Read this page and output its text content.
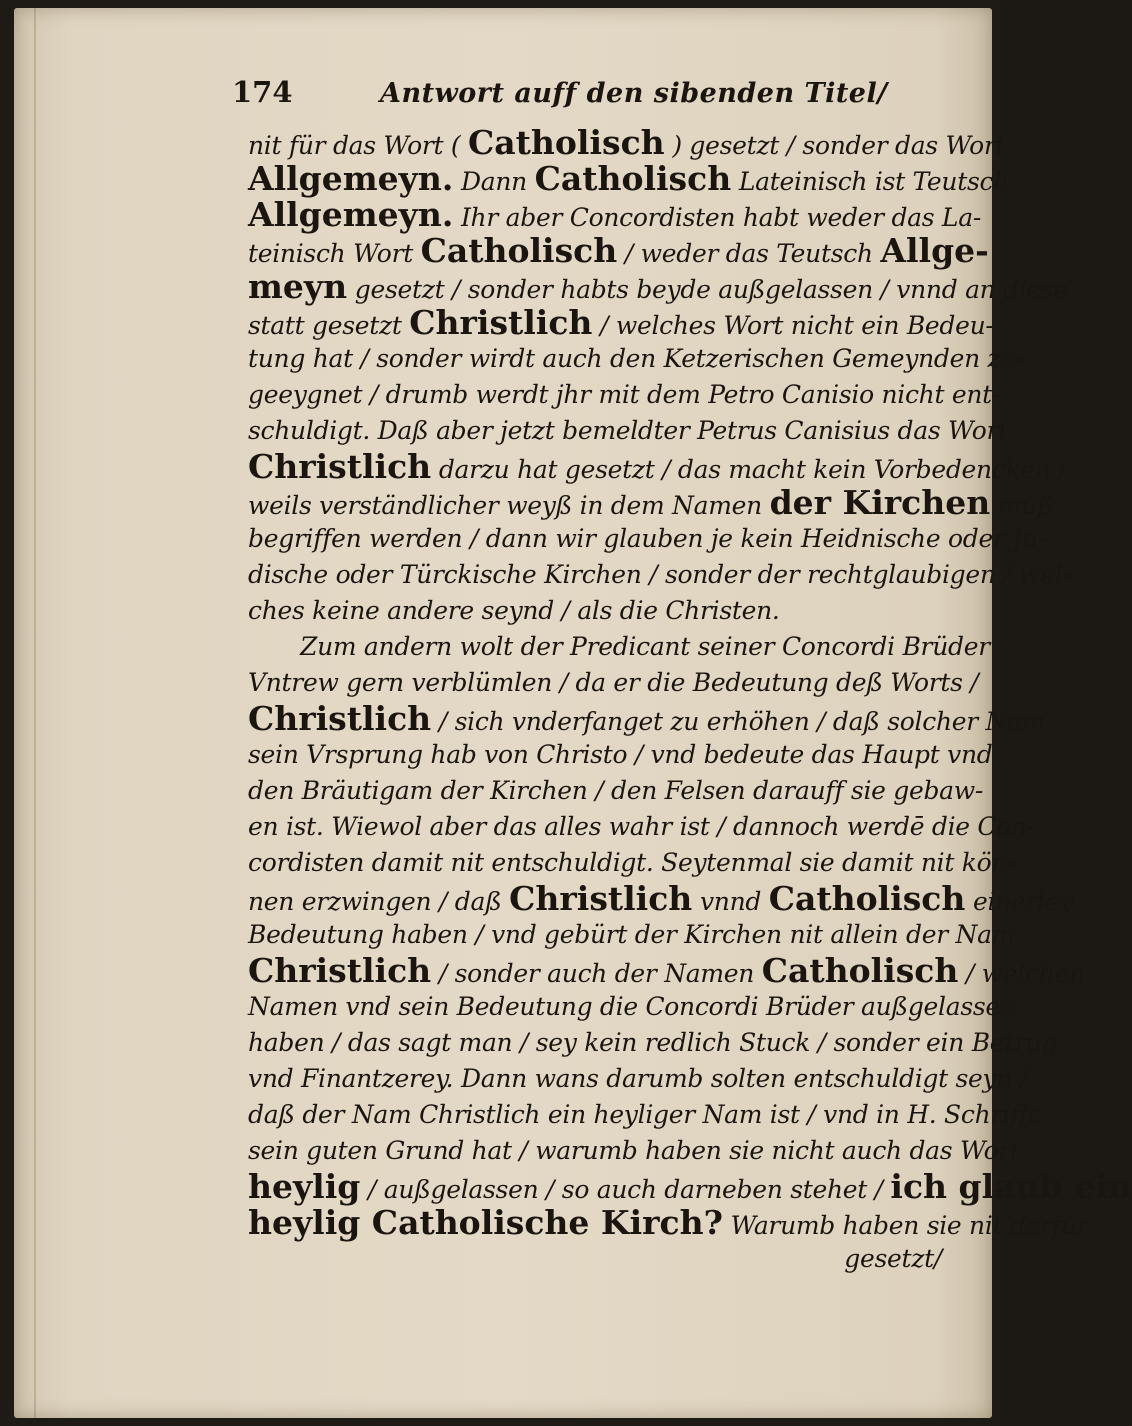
174	Antwort auff den sibenden Titel/
nit für das Wort ( Catholisch ) gesetzt / sonder das Wort
Allgemeyn. Dann Catholisch Lateinisch ist Teutsch
Allgemeyn. Ihr aber Concordisten habt weder das La-
teinisch Wort Catholisch / weder das Teutsch Allge-
meyn gesetzt / sonder habts beyde außgelassen / vnnd an diese
statt gesetzt Christlich / welches Wort nicht ein Bedeu-
tung hat / sonder wirdt auch den Ketzerischen Gemeynden zu-
geeygnet / drumb werdt jhr mit dem Petro Canisio nicht ent-
schuldigt. Daß aber jetzt bemeldter Petrus Canisius das Wort
Christlich darzu hat gesetzt / das macht kein Vorbedencken /
weils verständlicher weyß in dem Namen der Kirchen muß
begriffen werden / dann wir glauben je kein Heidnische oder Ju-
dische oder Türckische Kirchen / sonder der rechtglaubigen / wel-
ches keine andere seynd / als die Christen.
Zum andern wolt der Predicant seiner Concordi Brüder
Vntrew gern verblümlen / da er die Bedeutung deß Worts /
Christlich / sich vnderfanget zu erhöhen / daß solcher Nam
sein Vrsprung hab von Christo / vnd bedeute das Haupt vnd
den Bräutigam der Kirchen / den Felsen darauff sie gebaw-
en ist. Wiewol aber das alles wahr ist / dannoch werdē die Con-
cordisten damit nit entschuldigt. Seytenmal sie damit nit kön-
nen erzwingen / daß Christlich vnnd Catholisch einerley
Bedeutung haben / vnd gebürt der Kirchen nit allein der Nam
Christlich / sonder auch der Namen Catholisch / welchen
Namen vnd sein Bedeutung die Concordi Brüder außgelassen
haben / das sagt man / sey kein redlich Stuck / sonder ein Betrug
vnd Finantzerey. Dann wans darumb solten entschuldigt seyn /
daß der Nam Christlich ein heyliger Nam ist / vnd in H. Schriffe
sein guten Grund hat / warumb haben sie nicht auch das Wort
heylig / außgelassen / so auch darneben stehet / ich glaub ein
heylig Catholische Kirch? Warumb haben sie nit darfür
gesetzt/
